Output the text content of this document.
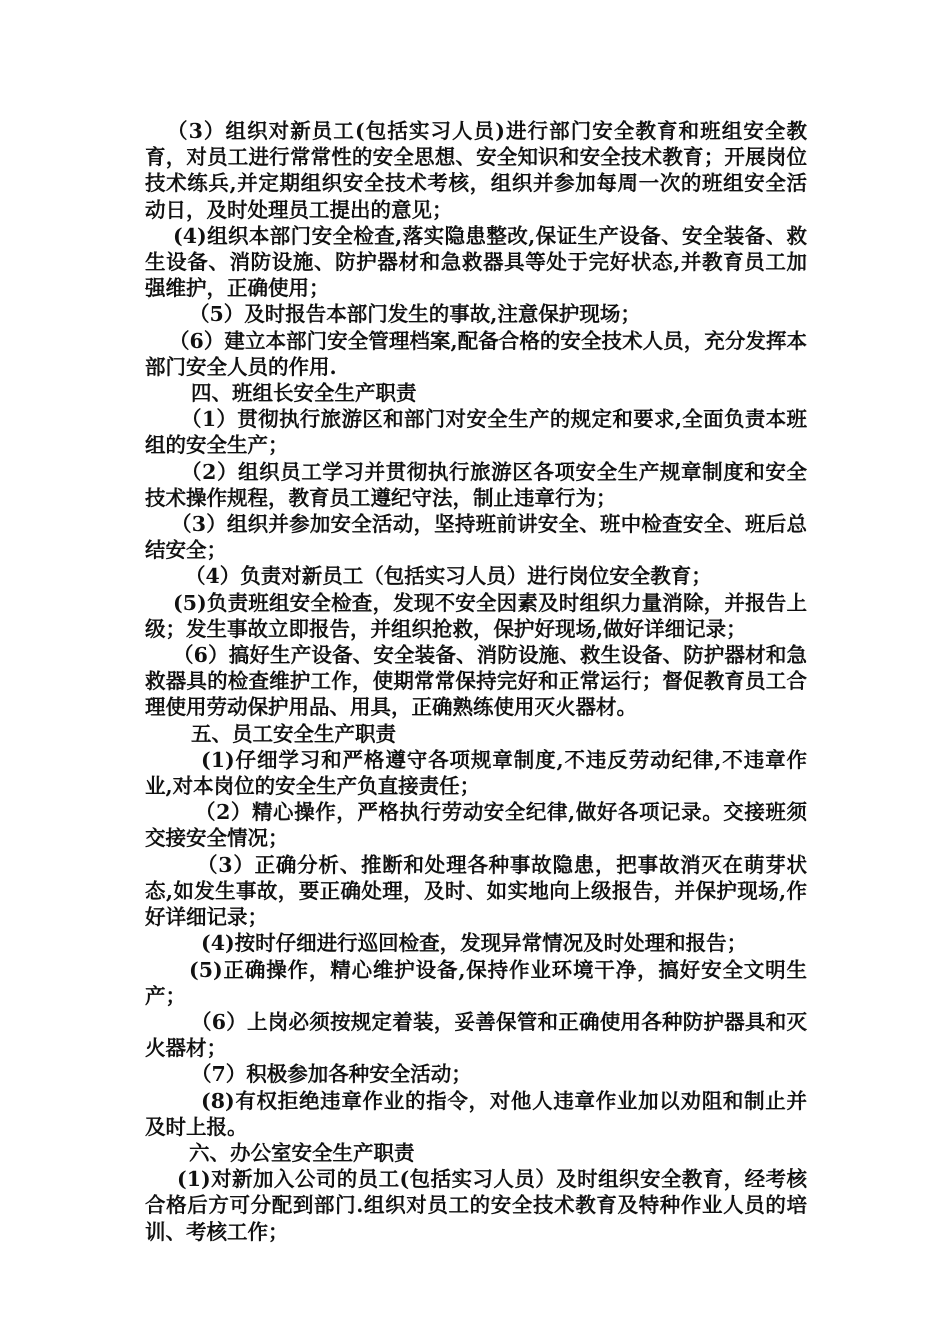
（3）组织对新员工(包括实习人员)进行部门安全教育和班组安全教育，对员工进行常常性的安全思想、安全知识和安全技术教育；开展岗位技术练兵,并定期组织安全技术考核，组织并参加每周一次的班组安全活动日，及时处理员工提出的意见；

(4)组织本部门安全检查,落实隐患整改,保证生产设备、安全装备、救生设备、消防设施、防护器材和急救器具等处于完好状态,并教育员工加强维护，正确使用；

（5）及时报告本部门发生的事故,注意保护现场；

（6）建立本部门安全管理档案,配备合格的安全技术人员，充分发挥本部门安全人员的作用.

四、班组长安全生产职责

（1）贯彻执行旅游区和部门对安全生产的规定和要求,全面负责本班组的安全生产；

（2）组织员工学习并贯彻执行旅游区各项安全生产规章制度和安全技术操作规程，教育员工遵纪守法，制止违章行为；

（3）组织并参加安全活动，坚持班前讲安全、班中检查安全、班后总结安全；

（4）负责对新员工（包括实习人员）进行岗位安全教育；

(5)负责班组安全检查，发现不安全因素及时组织力量消除，并报告上级；发生事故立即报告，并组织抢救，保护好现场,做好详细记录；

（6）搞好生产设备、安全装备、消防设施、救生设备、防护器材和急救器具的检查维护工作，使期常常保持完好和正常运行；督促教育员工合理使用劳动保护用品、用具，正确熟练使用灭火器材。

五、员工安全生产职责

(1)仔细学习和严格遵守各项规章制度,不违反劳动纪律,不违章作业,对本岗位的安全生产负直接责任；

（2）精心操作，严格执行劳动安全纪律,做好各项记录。交接班须交接安全情况；

（3）正确分析、推断和处理各种事故隐患，把事故消灭在萌芽状态,如发生事故，要正确处理，及时、如实地向上级报告，并保护现场,作好详细记录；

(4)按时仔细进行巡回检查，发现异常情况及时处理和报告；

(5)正确操作，精心维护设备,保持作业环境干净，搞好安全文明生产；

（6）上岗必须按规定着装，妥善保管和正确使用各种防护器具和灭火器材；

（7）积极参加各种安全活动；

(8)有权拒绝违章作业的指令，对他人违章作业加以劝阻和制止并及时上报。

六、办公室安全生产职责

(1)对新加入公司的员工(包括实习人员）及时组织安全教育，经考核合格后方可分配到部门.组织对员工的安全技术教育及特种作业人员的培训、考核工作；
